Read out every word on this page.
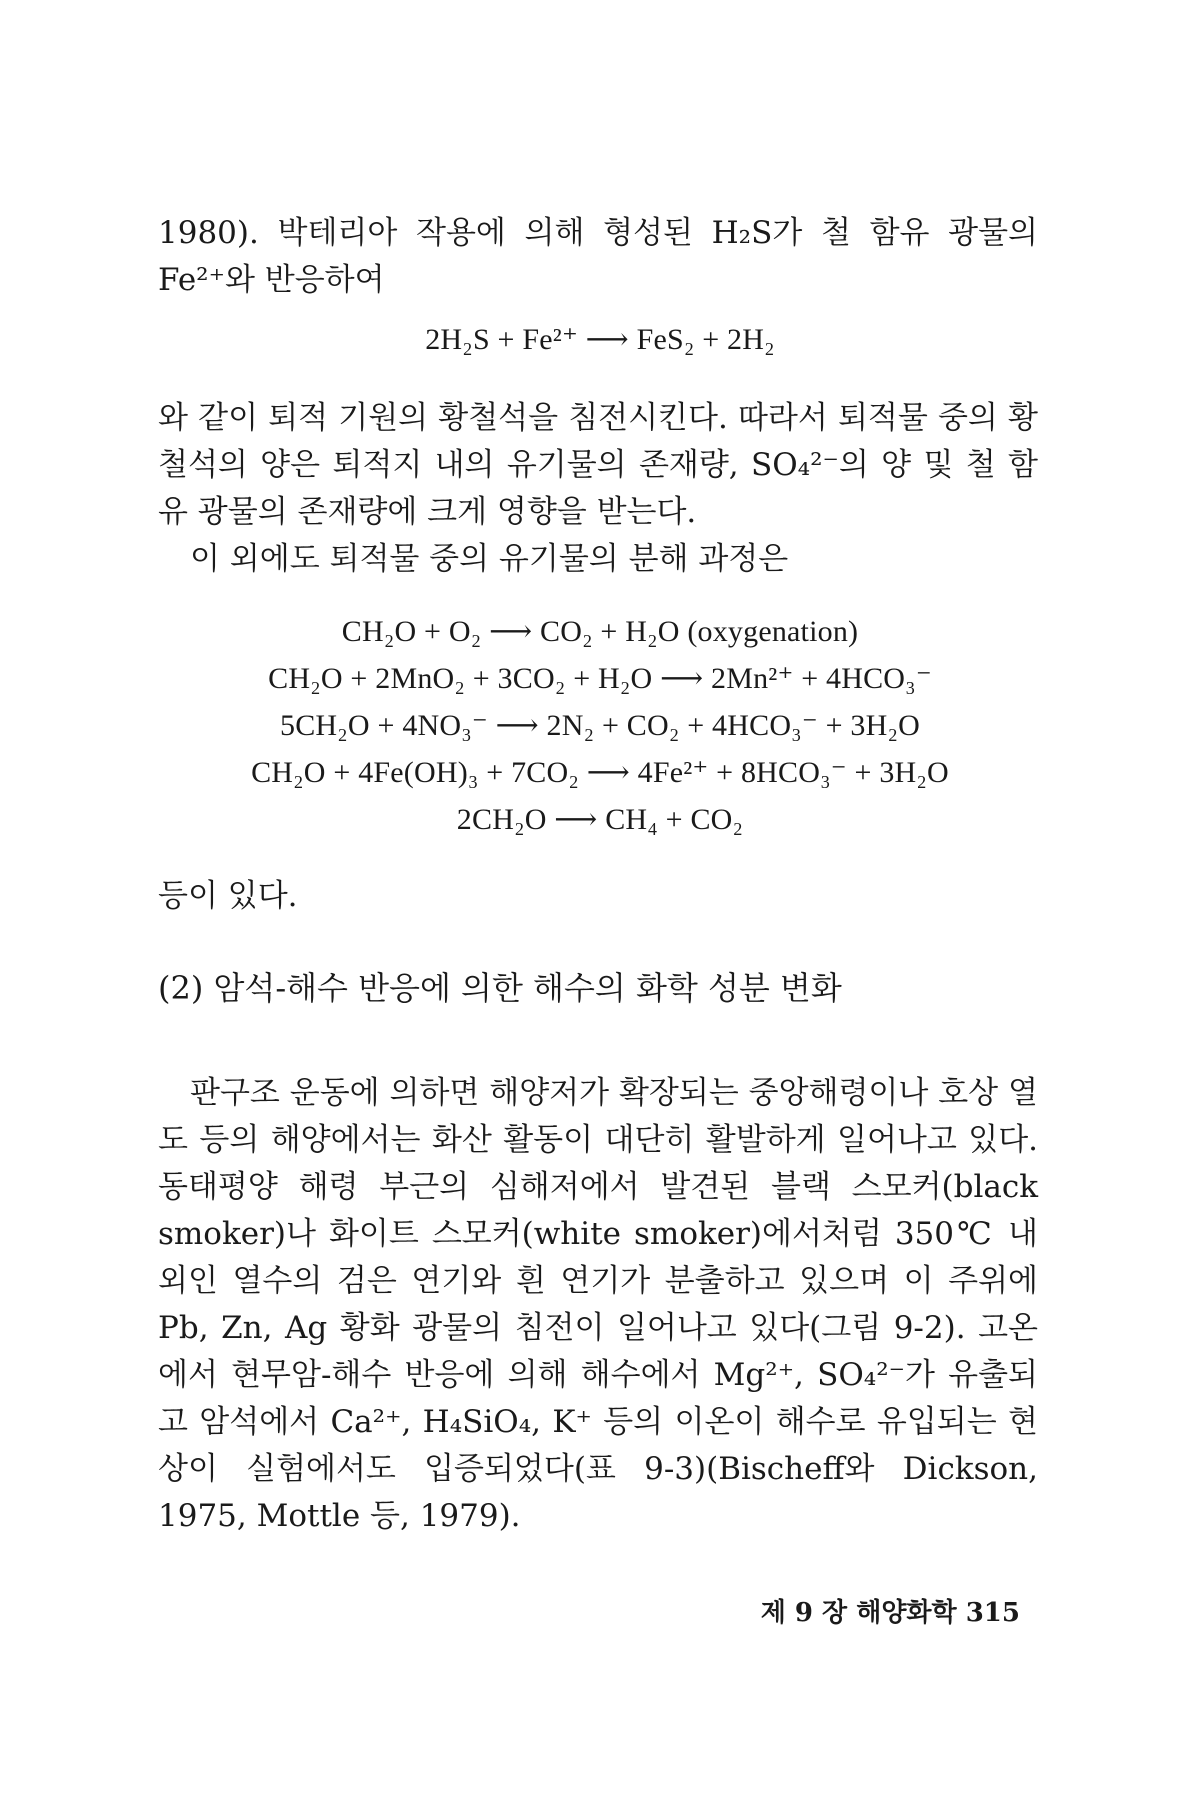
1980). 박테리아 작용에 의해 형성된 H₂S가 철 함유 광물의 Fe²⁺와 반응하여
2H₂S + Fe²⁺ ⟶ FeS₂ + 2H₂
와 같이 퇴적 기원의 황철석을 침전시킨다. 따라서 퇴적물 중의 황철석의 양은 퇴적지 내의 유기물의 존재량, SO₄²⁻의 양 및 철 함유 광물의 존재량에 크게 영향을 받는다.
이 외에도 퇴적물 중의 유기물의 분해 과정은
CH₂O + O₂ ⟶ CO₂ + H₂O (oxygenation)
CH₂O + 2MnO₂ + 3CO₂ + H₂O ⟶ 2Mn²⁺ + 4HCO₃⁻
5CH₂O + 4NO₃⁻ ⟶ 2N₂ + CO₂ + 4HCO₃⁻ + 3H₂O
CH₂O + 4Fe(OH)₃ + 7CO₂ ⟶ 4Fe²⁺ + 8HCO₃⁻ + 3H₂O
2CH₂O ⟶ CH₄ + CO₂
등이 있다.
(2) 암석-해수 반응에 의한 해수의 화학 성분 변화
판구조 운동에 의하면 해양저가 확장되는 중앙해령이나 호상 열도 등의 해양에서는 화산 활동이 대단히 활발하게 일어나고 있다. 동태평양 해령 부근의 심해저에서 발견된 블랙 스모커(black smoker)나 화이트 스모커(white smoker)에서처럼 350℃ 내외인 열수의 검은 연기와 흰 연기가 분출하고 있으며 이 주위에 Pb, Zn, Ag 황화 광물의 침전이 일어나고 있다(그림 9-2). 고온에서 현무암-해수 반응에 의해 해수에서 Mg²⁺, SO₄²⁻가 유출되고 암석에서 Ca²⁺, H₄SiO₄, K⁺ 등의 이온이 해수로 유입되는 현상이 실험에서도 입증되었다(표 9-3)(Bischeff와 Dickson, 1975, Mottle 등, 1979).
제 9 장 해양화학 315
